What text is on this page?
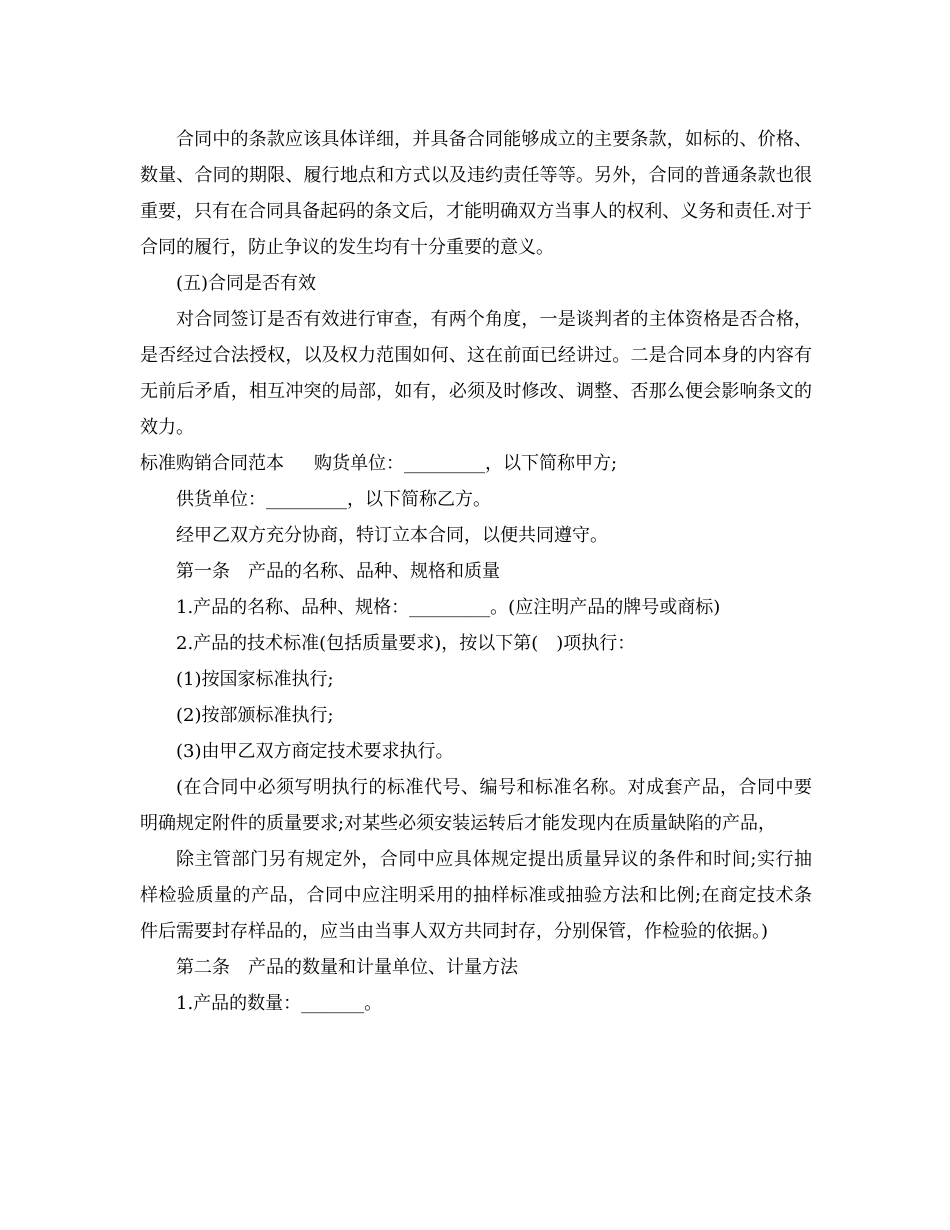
合同中的条款应该具体详细，并具备合同能够成立的主要条款，如标的、价格、数量、合同的期限、履行地点和方式以及违约责任等等。另外，合同的普通条款也很重要，只有在合同具备起码的条文后，才能明确双方当事人的权利、义务和责任.对于合同的履行，防止争议的发生均有十分重要的意义。

(五)合同是否有效

对合同签订是否有效进行审查，有两个角度，一是谈判者的主体资格是否合格，是否经过合法授权，以及权力范围如何、这在前面已经讲过。二是合同本身的内容有无前后矛盾，相互冲突的局部，如有，必须及时修改、调整、否那么便会影响条文的效力。

标准购销合同范本 购货单位：_________，以下简称甲方;

供货单位：_________，以下简称乙方。

经甲乙双方充分协商，特订立本合同，以便共同遵守。

第一条　产品的名称、品种、规格和质量

1.产品的名称、品种、规格：_________。(应注明产品的牌号或商标)

2.产品的技术标准(包括质量要求)，按以下第(　)项执行：

(1)按国家标准执行;

(2)按部颁标准执行;

(3)由甲乙双方商定技术要求执行。

(在合同中必须写明执行的标准代号、编号和标准名称。对成套产品，合同中要明确规定附件的质量要求;对某些必须安装运转后才能发现内在质量缺陷的产品，

除主管部门另有规定外，合同中应具体规定提出质量异议的条件和时间;实行抽样检验质量的产品，合同中应注明采用的抽样标准或抽验方法和比例;在商定技术条件后需要封存样品的，应当由当事人双方共同封存，分别保管，作检验的依据。)

第二条　产品的数量和计量单位、计量方法

1.产品的数量：_______。
